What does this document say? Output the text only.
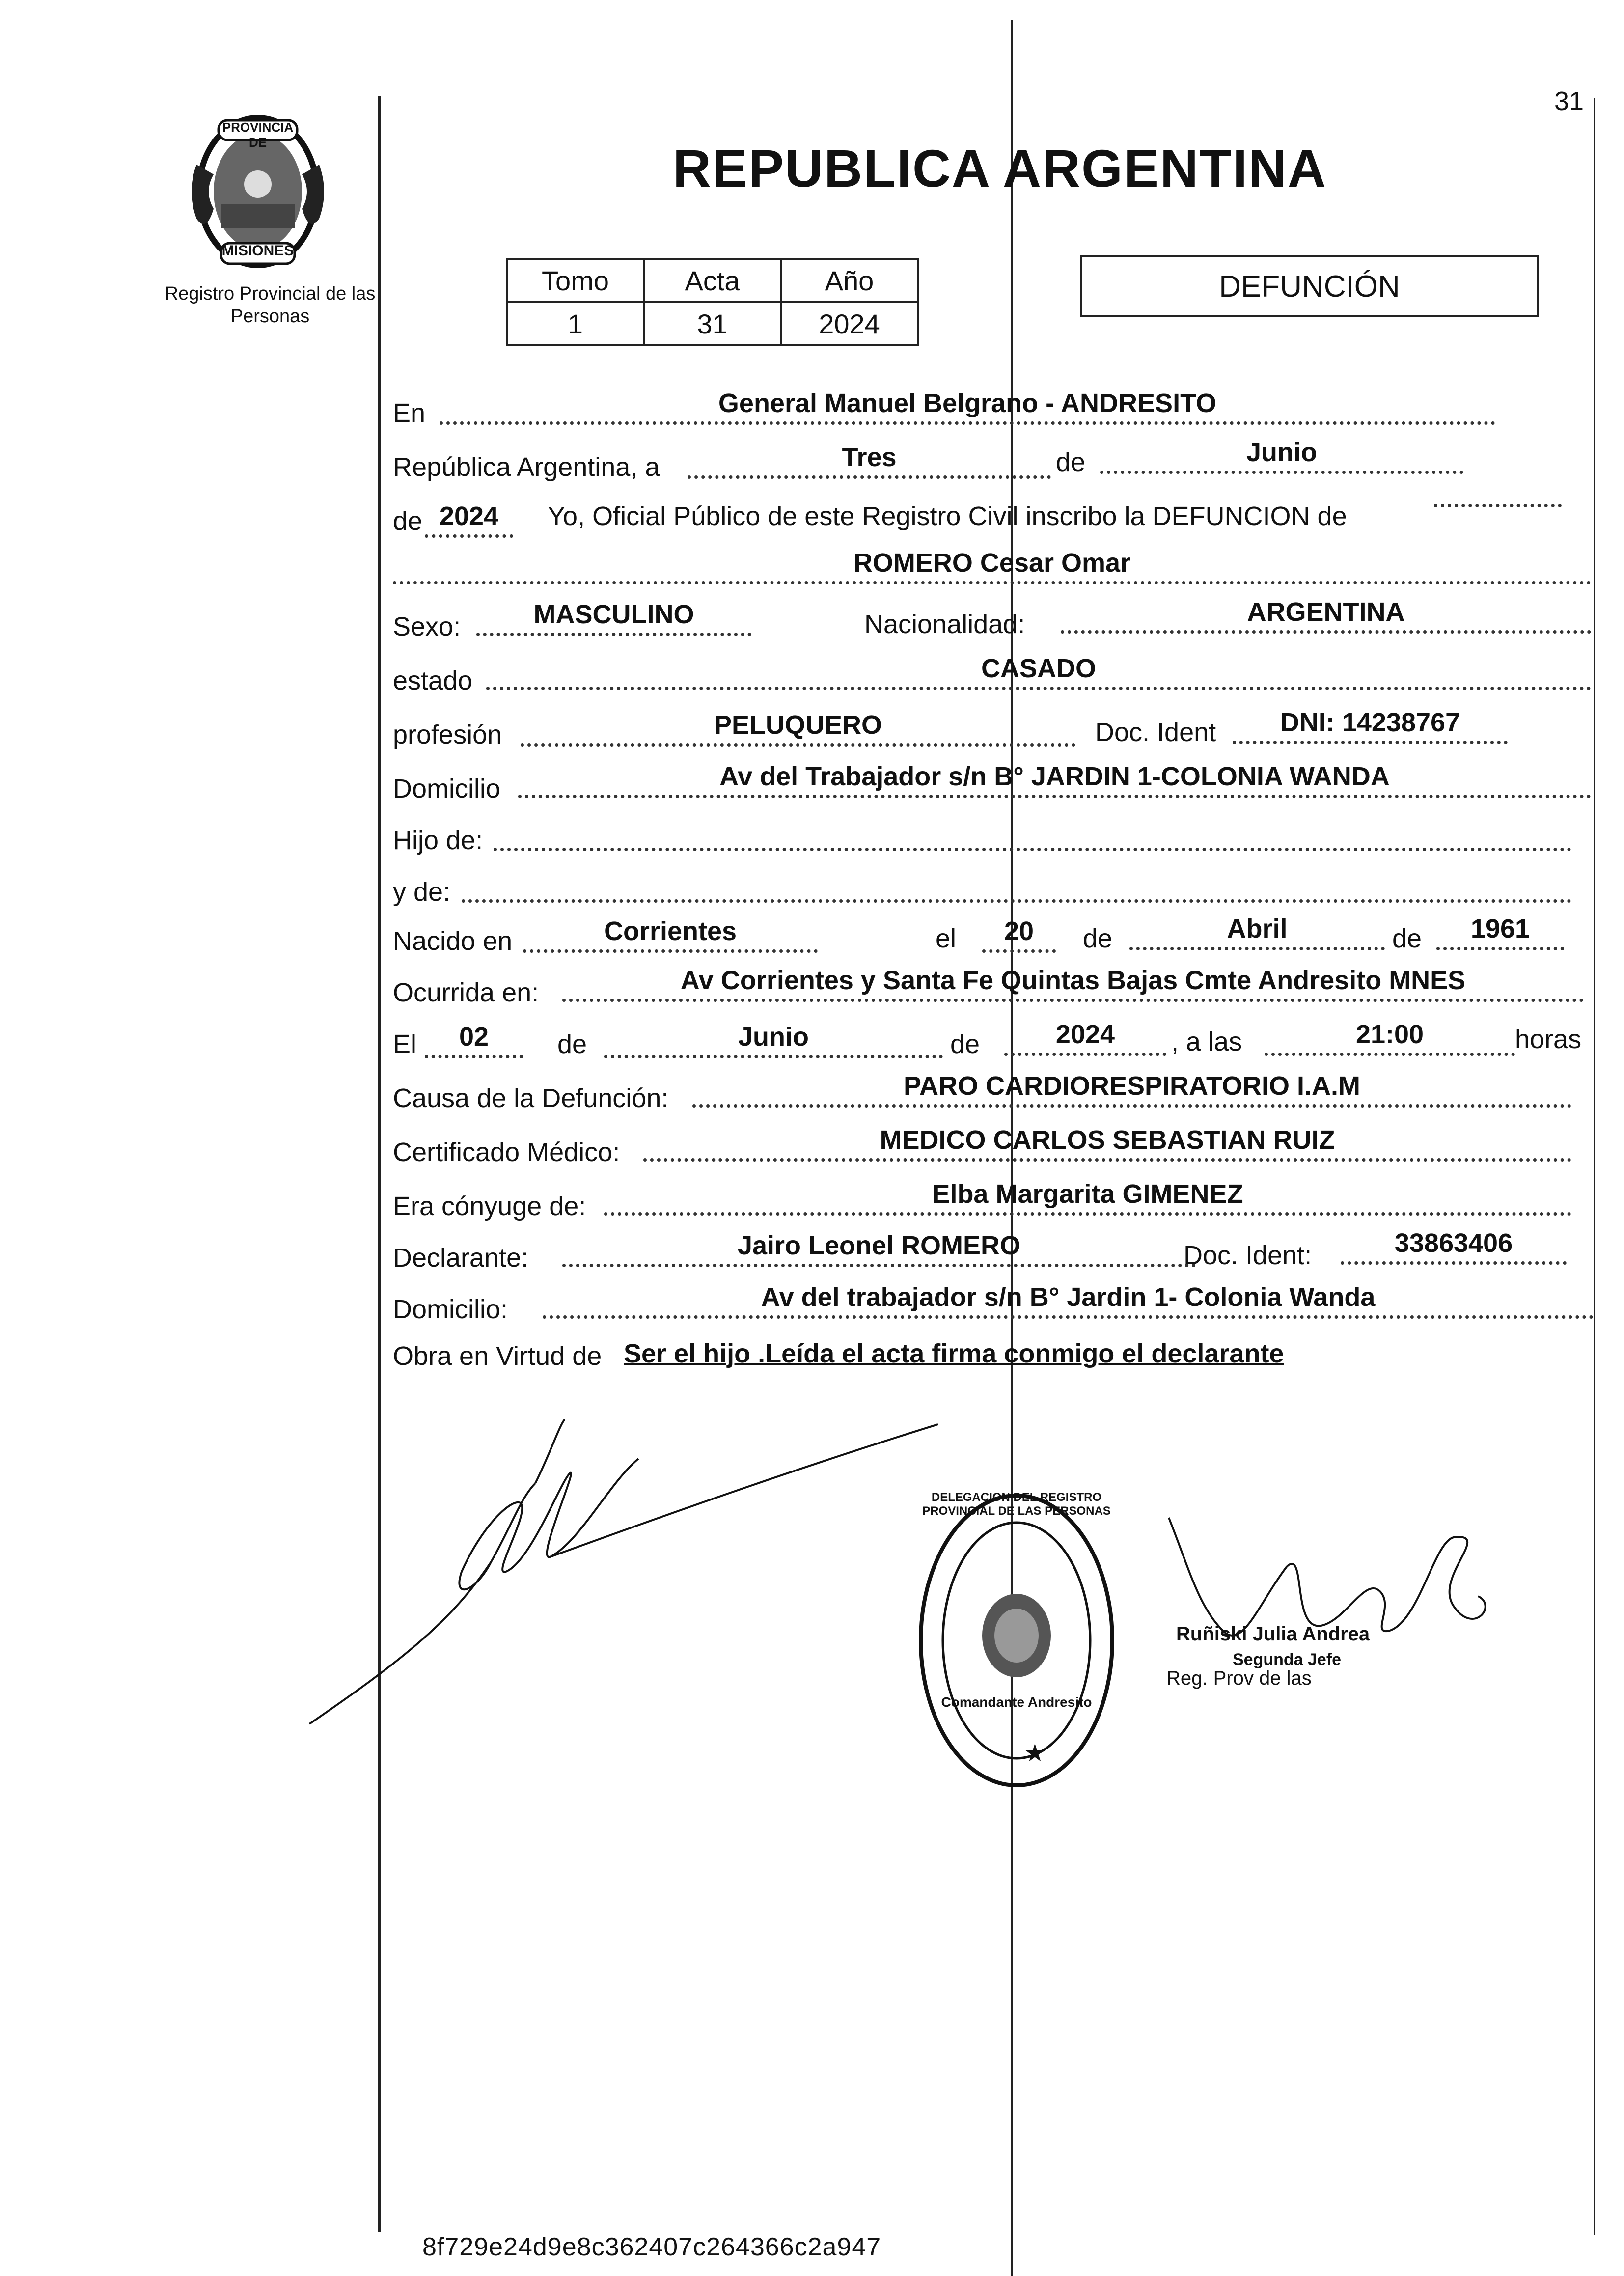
31
PROVINCIA DE
MISIONES
Registro Provincial de las Personas
REPUBLICA ARGENTINA
Tomo	Acta	Año
1	31	2024
DEFUNCIÓN
En	General Manuel Belgrano - ANDRESITO
República Argentina, a	Tres	de	Junio
de 2024	Yo, Oficial Público de este Registro Civil inscribo la DEFUNCION de
ROMERO Cesar Omar
Sexo:	MASCULINO	Nacionalidad:	ARGENTINA
estado	CASADO
profesión	PELUQUERO	Doc. Ident	DNI: 14238767
Domicilio	Av del Trabajador s/n B° JARDIN 1-COLONIA WANDA
Hijo de:
y de:
Nacido en	Corrientes	el	20	de	Abril	de	1961
Ocurrida en:	Av Corrientes y Santa Fe Quintas Bajas Cmte Andresito MNES
El	02	de	Junio	de	2024	, a las	21:00	horas
Causa de la Defunción:	PARO CARDIORESPIRATORIO I.A.M
Certificado Médico:	MEDICO CARLOS SEBASTIAN RUIZ
Era cónyuge de:	Elba Margarita GIMENEZ
Declarante:	Jairo Leonel ROMERO	Doc. Ident:	33863406
Domicilio:	Av del trabajador s/n B° Jardin 1- Colonia Wanda
Obra en Virtud de Ser el hijo .Leída el acta firma conmigo el declarante
DELEGACION DEL REGISTRO PROVINCIAL DE LAS PERSONAS
Comandante Andresito
★
Ruñiski Julia Andrea
Segunda Jefe
Reg. Prov de las
8f729e24d9e8c362407c264366c2a947
